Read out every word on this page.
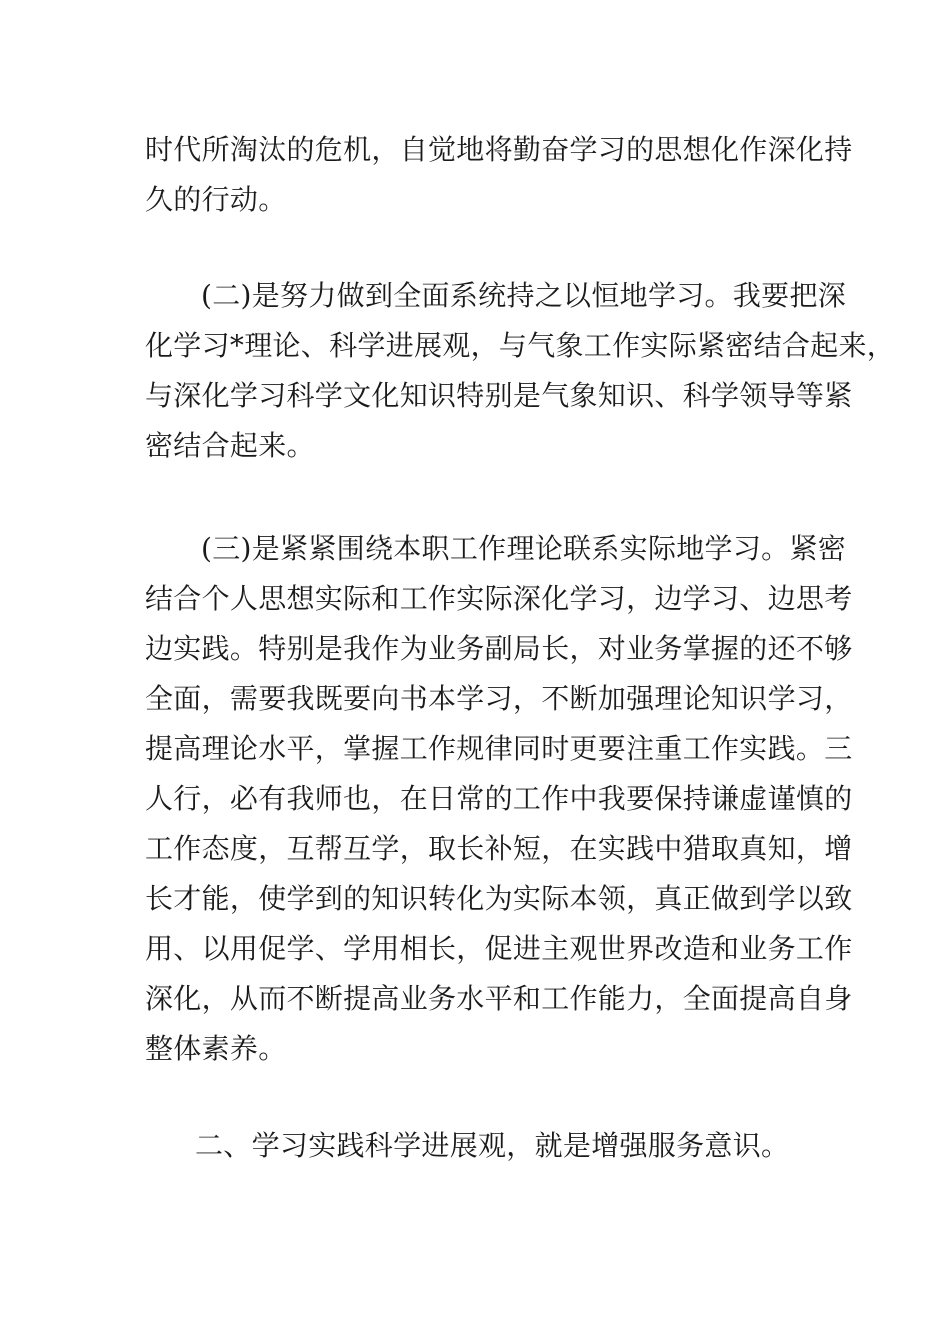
时代所淘汰的危机，自觉地将勤奋学习的思想化作深化持
久的行动。
(二)是努力做到全面系统持之以恒地学习。我要把深
化学习*理论、科学进展观，与气象工作实际紧密结合起来，
与深化学习科学文化知识特别是气象知识、科学领导等紧
密结合起来。
(三)是紧紧围绕本职工作理论联系实际地学习。紧密
结合个人思想实际和工作实际深化学习，边学习、边思考
边实践。特别是我作为业务副局长，对业务掌握的还不够
全面，需要我既要向书本学习，不断加强理论知识学习，
提高理论水平，掌握工作规律同时更要注重工作实践。三
人行，必有我师也，在日常的工作中我要保持谦虚谨慎的
工作态度，互帮互学，取长补短，在实践中猎取真知，增
长才能，使学到的知识转化为实际本领，真正做到学以致
用、以用促学、学用相长，促进主观世界改造和业务工作
深化，从而不断提高业务水平和工作能力，全面提高自身
整体素养。
二、学习实践科学进展观，就是增强服务意识。
